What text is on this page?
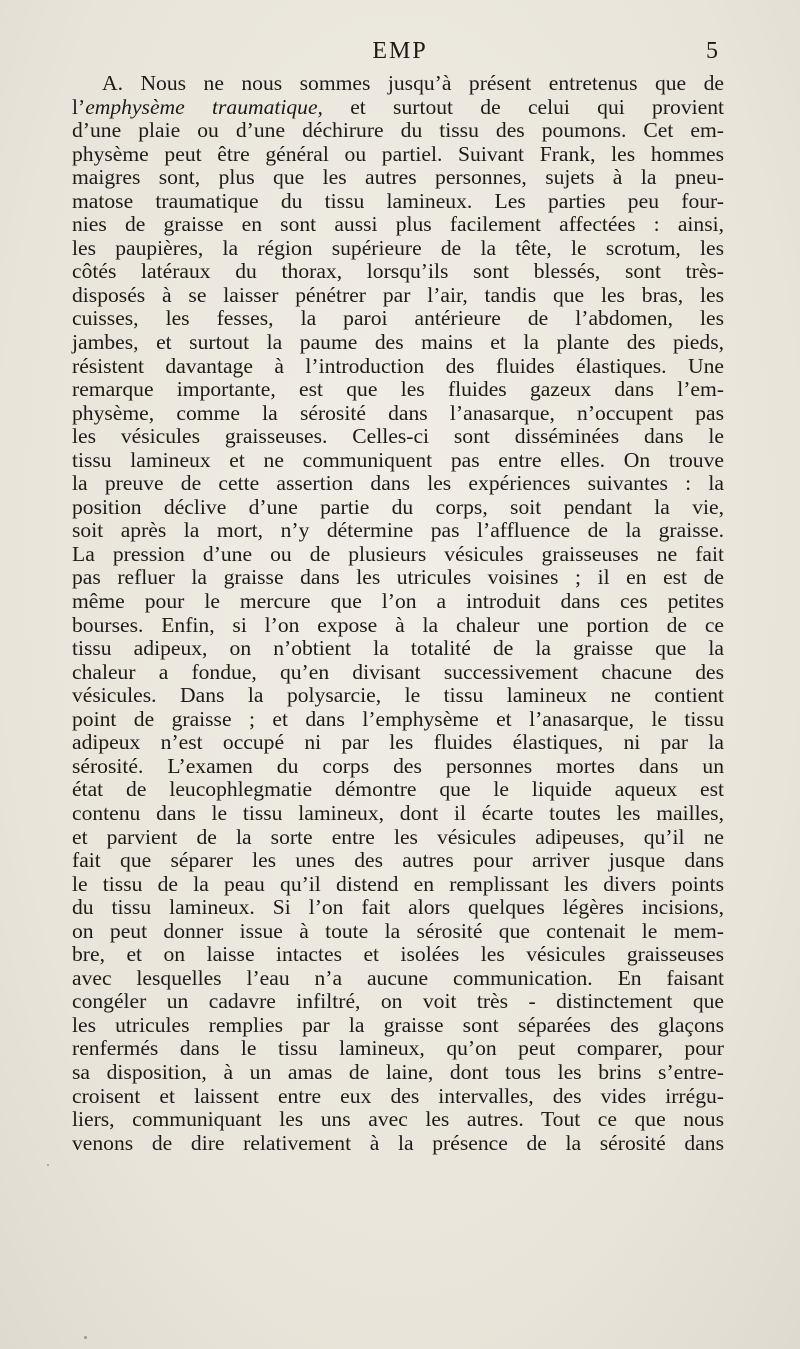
EMP	5
A. Nous ne nous sommes jusqu’à présent entretenus que de
l’emphysème traumatique, et surtout de celui qui provient
d’une plaie ou d’une déchirure du tissu des poumons. Cet em-
physème peut être général ou partiel. Suivant Frank, les hommes
maigres sont, plus que les autres personnes, sujets à la pneu-
matose traumatique du tissu lamineux. Les parties peu four-
nies de graisse en sont aussi plus facilement affectées : ainsi,
les paupières, la région supérieure de la tête, le scrotum, les
côtés latéraux du thorax, lorsqu’ils sont blessés, sont très-
disposés à se laisser pénétrer par l’air, tandis que les bras, les
cuisses, les fesses, la paroi antérieure de l’abdomen, les
jambes, et surtout la paume des mains et la plante des pieds,
résistent davantage à l’introduction des fluides élastiques. Une
remarque importante, est que les fluides gazeux dans l’em-
physème, comme la sérosité dans l’anasarque, n’occupent pas
les vésicules graisseuses. Celles-ci sont disséminées dans le
tissu lamineux et ne communiquent pas entre elles. On trouve
la preuve de cette assertion dans les expériences suivantes : la
position déclive d’une partie du corps, soit pendant la vie,
soit après la mort, n’y détermine pas l’affluence de la graisse.
La pression d’une ou de plusieurs vésicules graisseuses ne fait
pas refluer la graisse dans les utricules voisines ; il en est de
même pour le mercure que l’on a introduit dans ces petites
bourses. Enfin, si l’on expose à la chaleur une portion de ce
tissu adipeux, on n’obtient la totalité de la graisse que la
chaleur a fondue, qu’en divisant successivement chacune des
vésicules. Dans la polysarcie, le tissu lamineux ne contient
point de graisse ; et dans l’emphysème et l’anasarque, le tissu
adipeux n’est occupé ni par les fluides élastiques, ni par la
sérosité. L’examen du corps des personnes mortes dans un
état de leucophlegmatie démontre que le liquide aqueux est
contenu dans le tissu lamineux, dont il écarte toutes les mailles,
et parvient de la sorte entre les vésicules adipeuses, qu’il ne
fait que séparer les unes des autres pour arriver jusque dans
le tissu de la peau qu’il distend en remplissant les divers points
du tissu lamineux. Si l’on fait alors quelques légères incisions,
on peut donner issue à toute la sérosité que contenait le mem-
bre, et on laisse intactes et isolées les vésicules graisseuses
avec lesquelles l’eau n’a aucune communication. En faisant
congéler un cadavre infiltré, on voit très - distinctement que
les utricules remplies par la graisse sont séparées des glaçons
renfermés dans le tissu lamineux, qu’on peut comparer, pour
sa disposition, à un amas de laine, dont tous les brins s’entre-
croisent et laissent entre eux des intervalles, des vides irrégu-
liers, communiquant les uns avec les autres. Tout ce que nous
venons de dire relativement à la présence de la sérosité dans
